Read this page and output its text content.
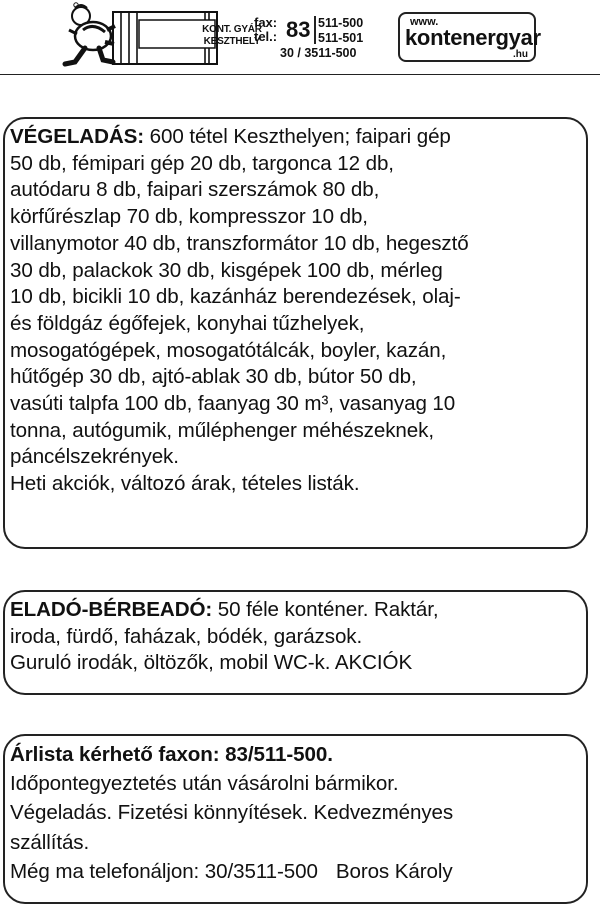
KONT. GYÁR
KESZTHELY
fax:
tel.: 83 511-500
511-501
30 / 3511-500
www.
kontenergyar
.hu

VÉGELADÁS: 600 tétel Keszthelyen; faipari gép

50 db, fémipari gép 20 db, targonca 12 db,

autódaru 8 db, faipari szerszámok 80 db,

körfűrészlap 70 db, kompresszor 10 db,

villanymotor 40 db, transzformátor 10 db, hegesztő

30 db, palackok 30 db, kisgépek 100 db, mérleg

10 db, bicikli 10 db, kazánház berendezések, olaj-

és földgáz égőfejek, konyhai tűzhelyek,

mosogatógépek, mosogatótálcák, boyler, kazán,

hűtőgép 30 db, ajtó-ablak 30 db, bútor 50 db,

vasúti talpfa 100 db, faanyag 30 m³, vasanyag 10

tonna, autógumik, műléphenger méhészeknek,

páncélszekrények.

Heti akciók, változó árak, tételes listák.

ELADÓ-BÉRBEADÓ: 50 féle konténer. Raktár,

iroda, fürdő, faházak, bódék, garázsok.

Guruló irodák, öltözők, mobil WC-k. AKCIÓK

Árlista kérhető faxon: 83/511-500.

Időpontegyeztetés után vásárolni bármikor.

Végeladás. Fizetési könnyítések. Kedvezményes

szállítás.

Még ma telefonáljon: 30/3511-500 Boros Károly
